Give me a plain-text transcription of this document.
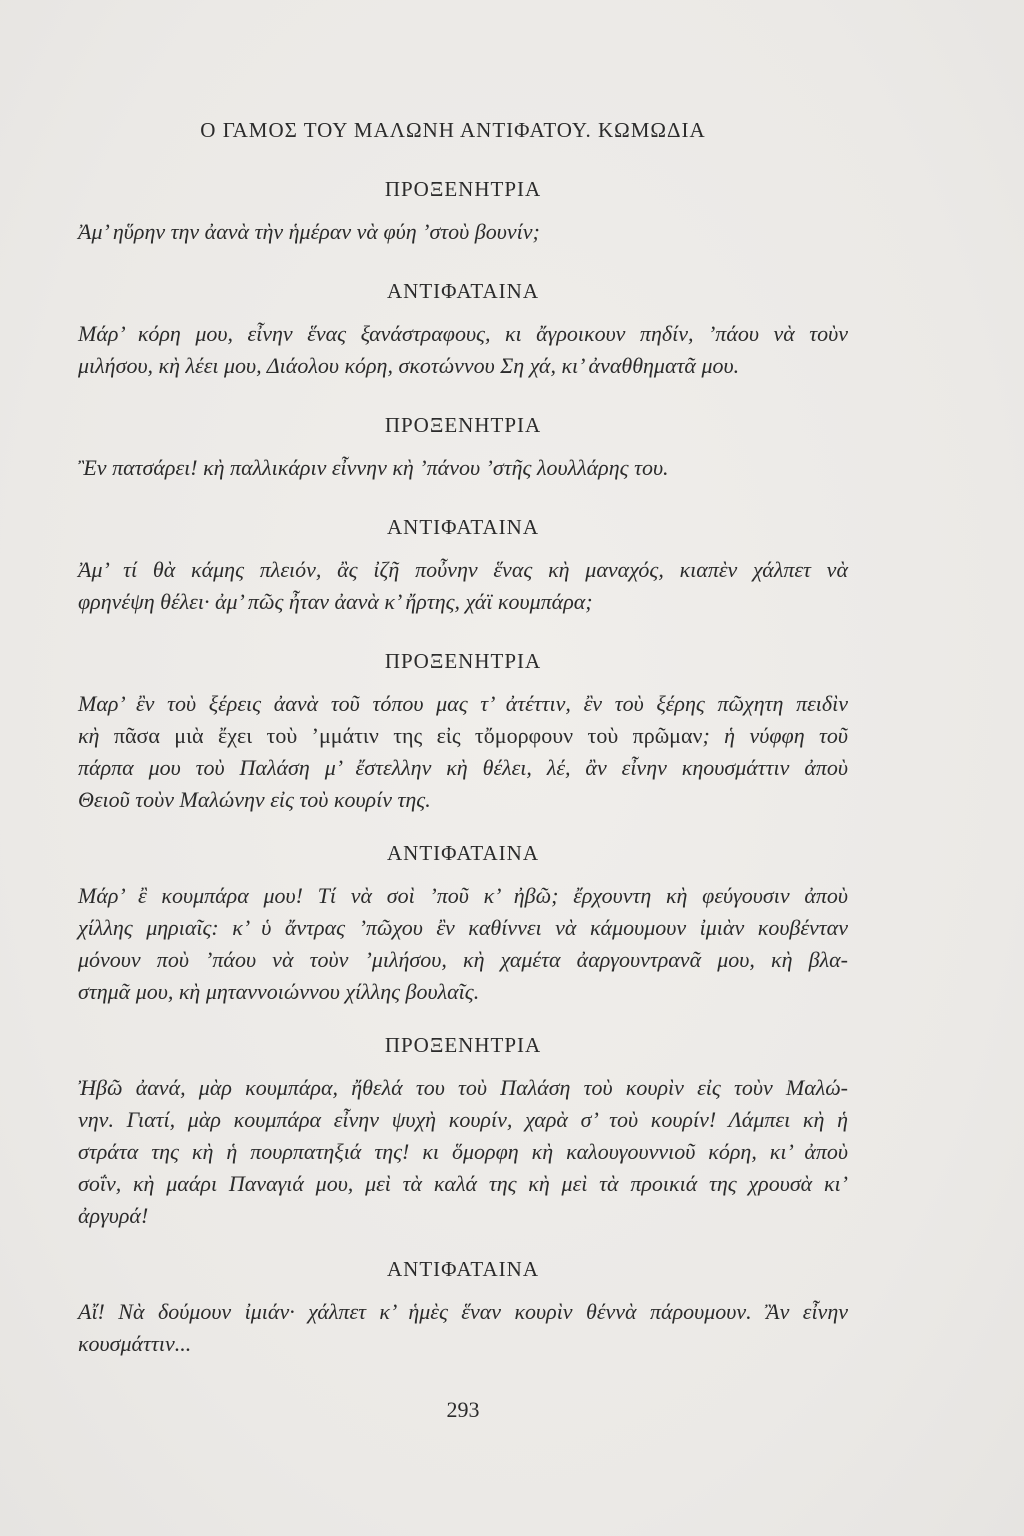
Ο ΓΑΜΟΣ ΤΟΥ ΜΑΛΩΝΗ ΑΝΤΙΦΑΤΟΥ. ΚΩΜΩΔΙΑ
ΠΡΟΞΕΝΗΤΡΙΑ
Ἀμ’ ηὕρην την ἀανὰ τὴν ἡμέραν νὰ φύη ’στοὺ βουνίν;
ΑΝΤΙΦΑΤΑΙΝΑ
Μάρ’ κόρη μου, εἶνην ἕνας ξανάστραφους, κι ἄγροικουν πηδίν, ’πάου νὰ τοὺν
μιλήσου, κὴ λέει μου, Διάολου κόρη, σκοτώννου Ση χά, κι’ ἀναθθηματᾶ μου.
ΠΡΟΞΕΝΗΤΡΙΑ
Ἒν πατσάρει! κὴ παλλικάριν εἶννην κὴ ’πάνου ’στῆς λουλλάρης του.
ΑΝΤΙΦΑΤΑΙΝΑ
Ἀμ’ τί θὰ κάμης πλειόν, ἂς ἰζῆ ποὖνην ἕνας κὴ μαναχός, κιαπὲν χάλπετ νὰ
φρηνέψη θέλει· ἀμ’ πῶς ἦταν ἀανὰ κ’ ἤρτης, χάϊ κουμπάρα;
ΠΡΟΞΕΝΗΤΡΙΑ
Μαρ’ ἒν τοὺ ξέρεις ἀανὰ τοῦ τόπου μας τ’ ἀτέττιν, ἒν τοὺ ξέρης πῶχητη πειδὶν
κὴ πᾶσα μιὰ ἔχει τοὺ ’μμάτιν της εἰς τὄμορφουν τοὺ πρῶμαν; ἡ νύφφη τοῦ
πάρπα μου τοὺ Παλάση μ’ ἔστελλην κὴ θέλει, λέ, ἂν εἶνην κηουσμάττιν ἀποὺ
Θειοῦ τοὺν Μαλώνην εἰς τοὺ κουρίν της.
ΑΝΤΙΦΑΤΑΙΝΑ
Μάρ’ ἒ κουμπάρα μου! Τί νὰ σοὶ ’ποῦ κ’ ἠβῶ; ἔρχουντη κὴ φεύγουσιν ἀποὺ
χίλλης μηριαῖς: κ’ ὑ ἄντρας ’πῶχου ἒν καθίννει νὰ κάμουμουν ἰμιὰν κουβένταν
μόνουν ποὺ ’πάου νὰ τοὺν ’μιλήσου, κὴ χαμέτα ἀαργουντρανᾶ μου, κὴ βλα-
στημᾶ μου, κὴ μηταννοιώννου χίλλης βουλαῖς.
ΠΡΟΞΕΝΗΤΡΙΑ
Ἠβῶ ἀανά, μὰρ κουμπάρα, ἤθελά του τοὺ Παλάση τοὺ κουρὶν εἰς τοὺν Μαλώ-
νην. Γιατί, μὰρ κουμπάρα εἶνην ψυχὴ κουρίν, χαρὰ σ’ τοὺ κουρίν! Λάμπει κὴ ἡ
στράτα της κὴ ἡ πουρπατηξιά της! κι ὅμορφη κὴ καλουγουννιοῦ κόρη, κι’ ἀποὺ
σοΐν, κὴ μαάρι Παναγιά μου, μεὶ τὰ καλά της κὴ μεὶ τὰ προικιά της χρουσὰ κι’
ἀργυρά!
ΑΝΤΙΦΑΤΑΙΝΑ
Αἴ! Νὰ δούμουν ἰμιάν· χάλπετ κ’ ἡμὲς ἕναν κουρὶν θέννὰ πάρουμουν. Ἂν εἶνην
κουσμάττιν...
293
